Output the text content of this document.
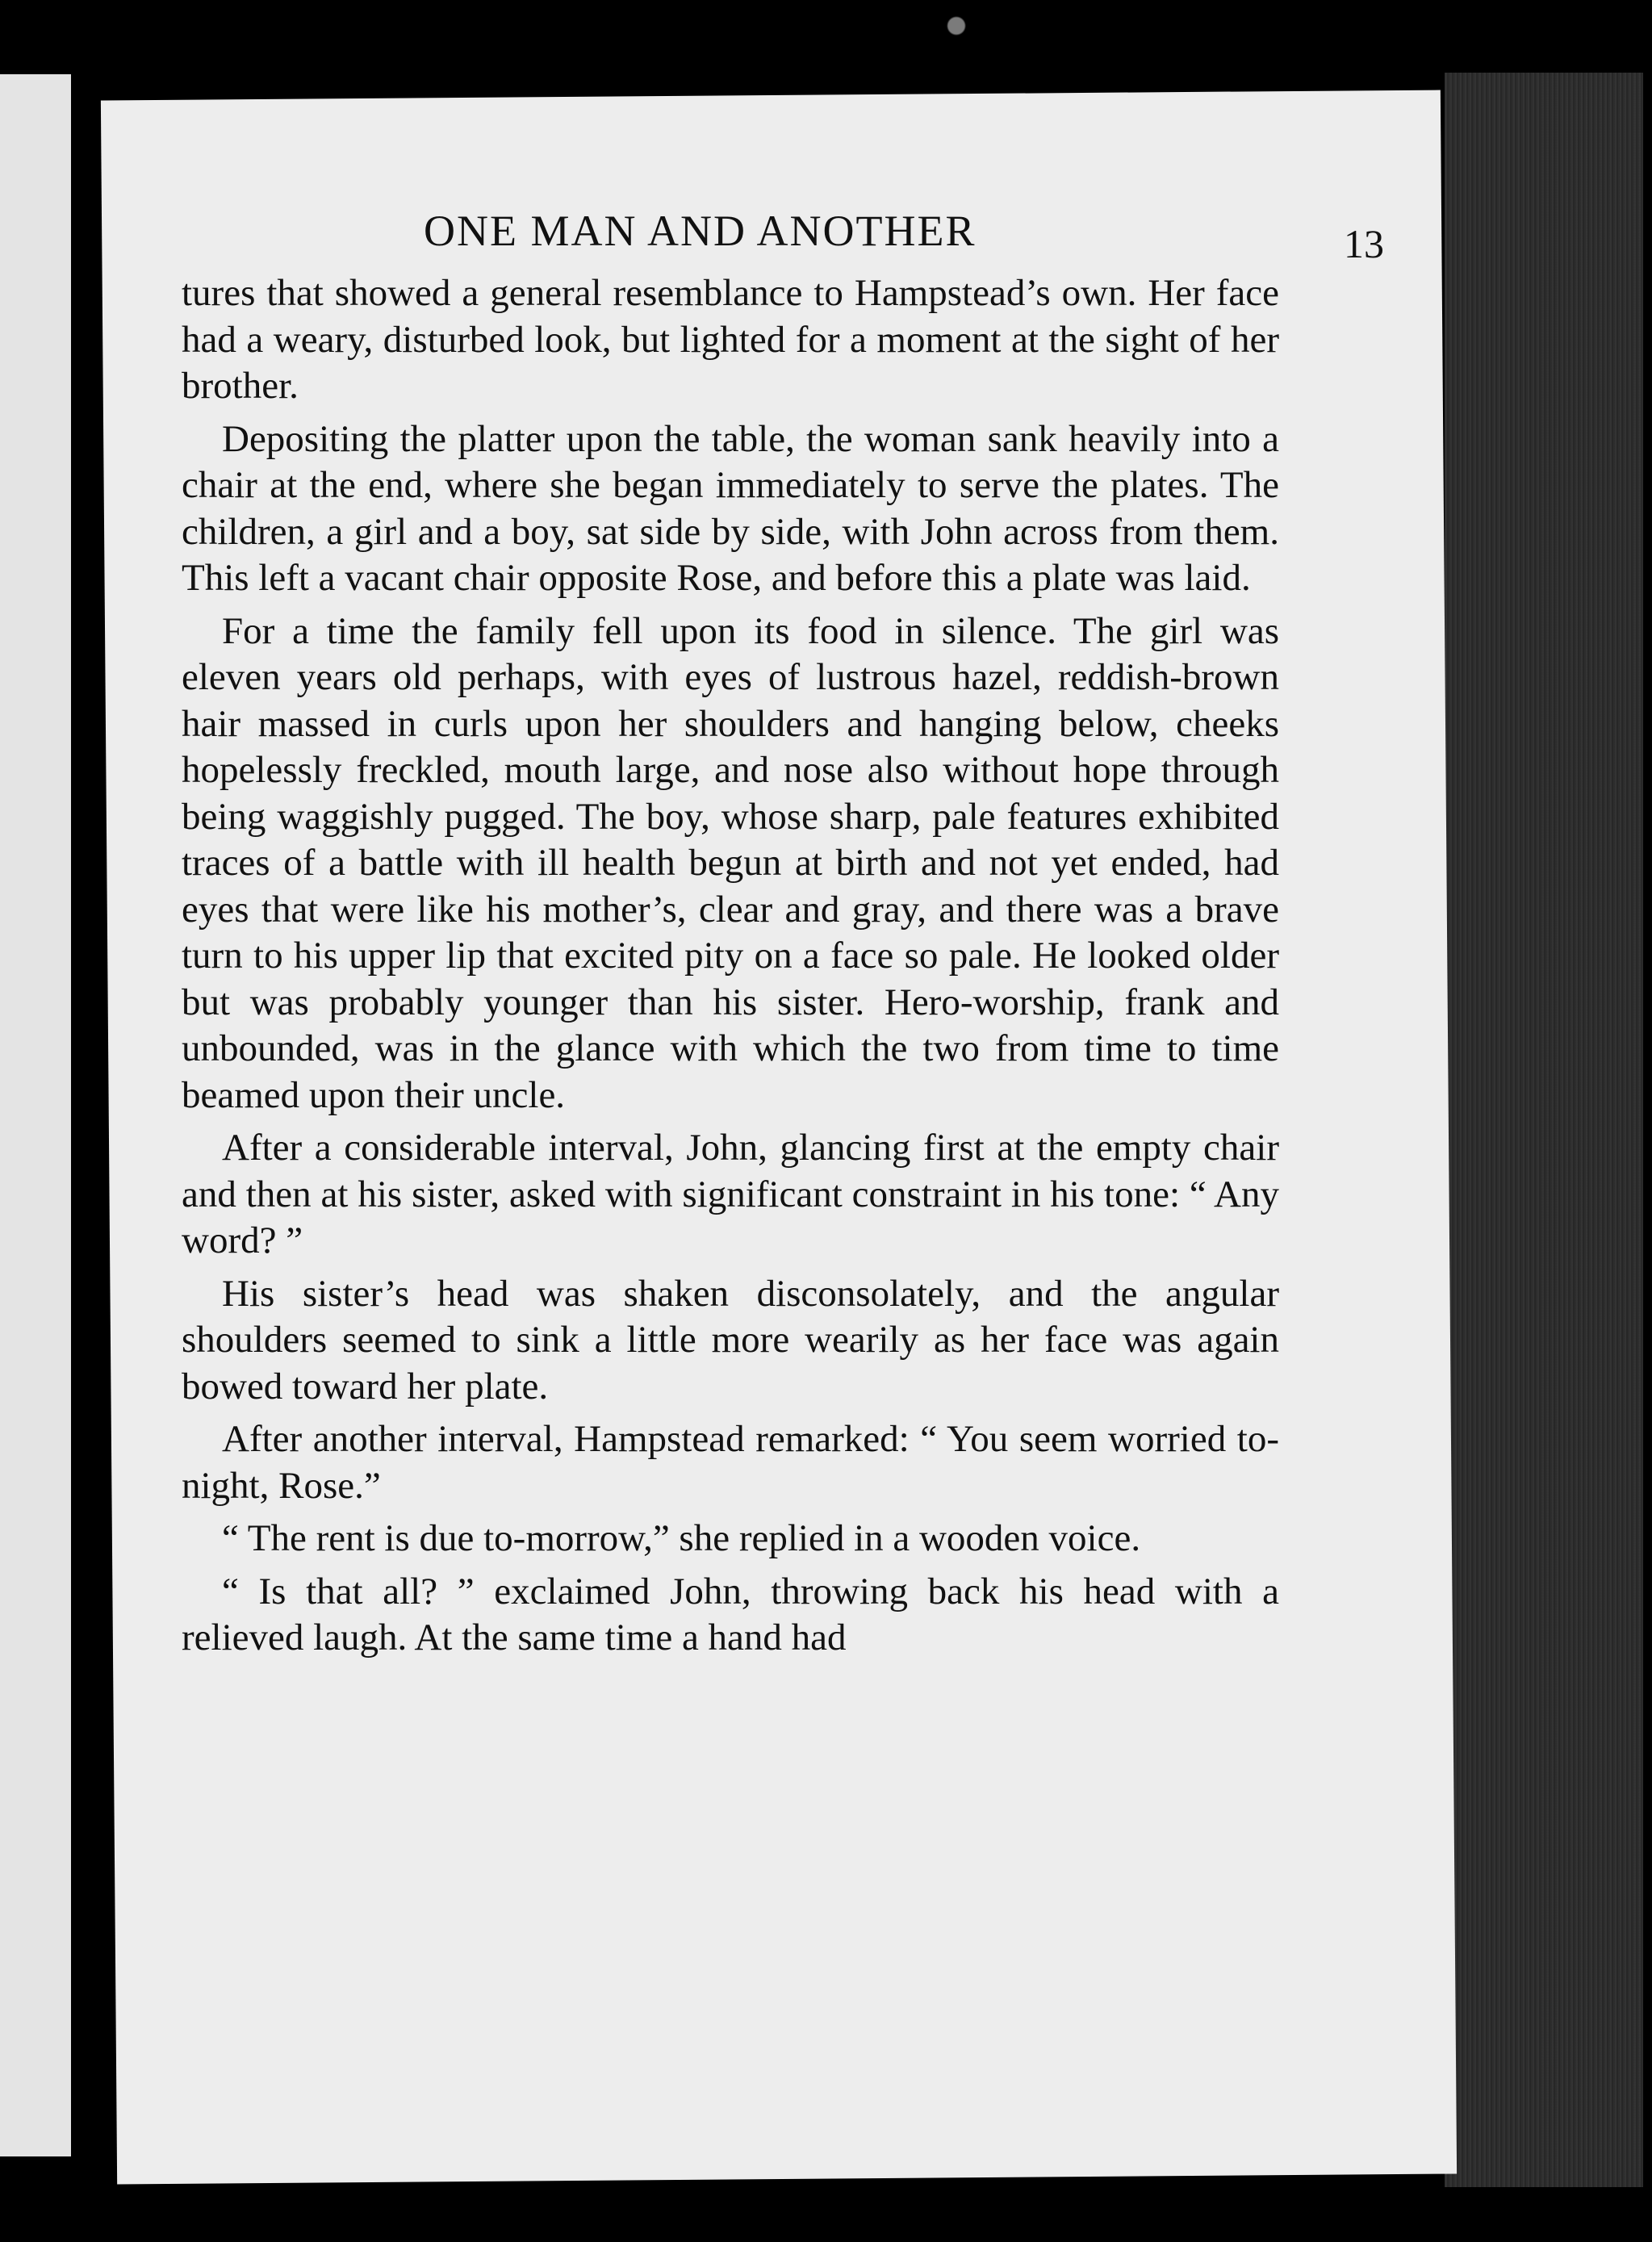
ONE MAN AND ANOTHER	13

tures that showed a general resemblance to Hampstead’s own. Her face had a weary, disturbed look, but lighted for a moment at the sight of her brother.

Depositing the platter upon the table, the woman sank heavily into a chair at the end, where she began immediately to serve the plates. The children, a girl and a boy, sat side by side, with John across from them. This left a vacant chair opposite Rose, and before this a plate was laid.

For a time the family fell upon its food in silence. The girl was eleven years old perhaps, with eyes of lustrous hazel, reddish-brown hair massed in curls upon her shoulders and hanging below, cheeks hopelessly freckled, mouth large, and nose also without hope through being waggishly pugged. The boy, whose sharp, pale features exhibited traces of a battle with ill health begun at birth and not yet ended, had eyes that were like his mother’s, clear and gray, and there was a brave turn to his upper lip that excited pity on a face so pale. He looked older but was probably younger than his sister. Hero-worship, frank and unbounded, was in the glance with which the two from time to time beamed upon their uncle.

After a considerable interval, John, glancing first at the empty chair and then at his sister, asked with significant constraint in his tone: “ Any word? ”

His sister’s head was shaken disconsolately, and the angular shoulders seemed to sink a little more wearily as her face was again bowed toward her plate.

After another interval, Hampstead remarked: “ You seem worried to-night, Rose.”

“ The rent is due to-morrow,” she replied in a wooden voice.

“ Is that all? ” exclaimed John, throwing back his head with a relieved laugh. At the same time a hand had
